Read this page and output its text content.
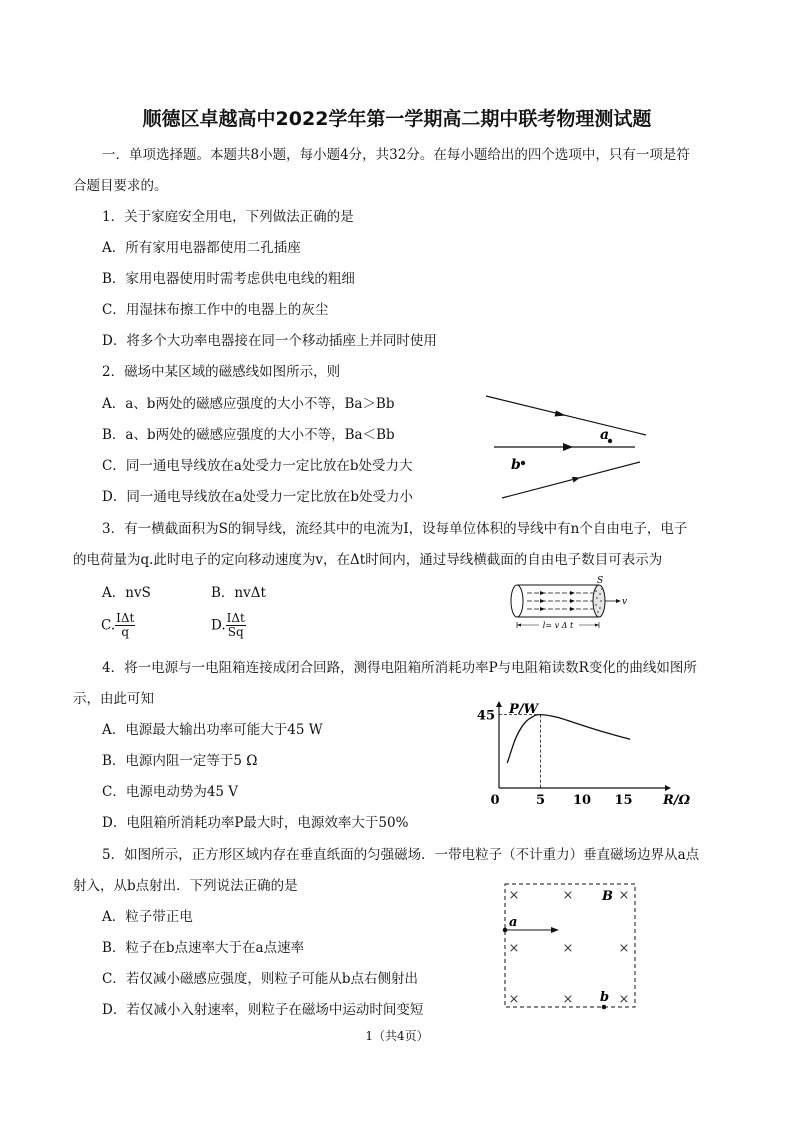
顺德区卓越高中2022学年第一学期高二期中联考物理测试题
一．单项选择题。本题共8小题，每小题4分，共32分。在每小题给出的四个选项中，只有一项是符
合题目要求的。
1．关于家庭安全用电，下列做法正确的是
A．所有家用电器都使用二孔插座
B．家用电器使用时需考虑供电电线的粗细
C．用湿抹布擦工作中的电器上的灰尘
D．将多个大功率电器接在同一个移动插座上并同时使用
2．磁场中某区域的磁感线如图所示，则
A．a、b两处的磁感应强度的大小不等，Ba＞Bb
B．a、b两处的磁感应强度的大小不等，Ba＜Bb
C．同一通电导线放在a处受力一定比放在b处受力大
D．同一通电导线放在a处受力一定比放在b处受力小
a
b
3．有一横截面积为S的铜导线，流经其中的电流为I，设每单位体积的导线中有n个自由电子，电子
的电荷量为q.此时电子的定向移动速度为v，在Δt时间内，通过导线横截面的自由电子数目可表示为
A．nvS	B．nvΔt
C. $\frac{\text{IΔt}}{q}$	D. $\frac{\text{IΔt}}{Sq}$
v
S
l= v Δ t
4．将一电源与一电阻箱连接成闭合回路，测得电阻箱所消耗功率P与电阻箱读数R变化的曲线如图所
示，由此可知
A．电源最大输出功率可能大于45 W
B．电源内阻一定等于5 Ω
C．电源电动势为45 V
D．电阻箱所消耗功率P最大时，电源效率大于50%
P/W
R/Ω
45
0	5 10 15
5．如图所示，正方形区域内存在垂直纸面的匀强磁场．一带电粒子（不计重力）垂直磁场边界从a点
射入，从b点射出．下列说法正确的是
A．粒子带正电
B．粒子在b点速率大于在a点速率
C．若仅减小磁感应强度，则粒子可能从b点右侧射出
D．若仅减小入射速率，则粒子在磁场中运动时间变短
×	×	×
×	×	×
×	×	×
B
a
b
1（共4页）
